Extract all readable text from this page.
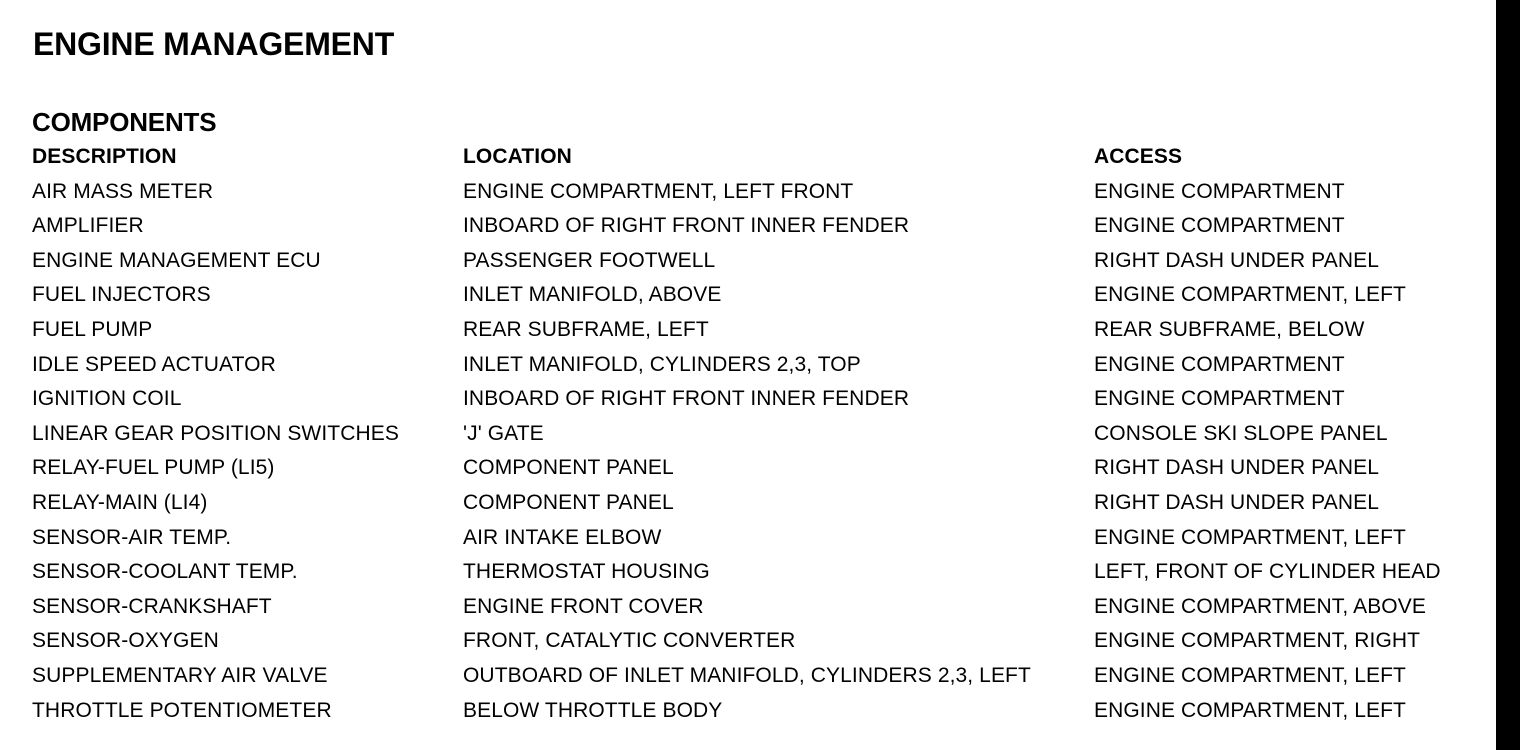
ENGINE MANAGEMENT
COMPONENTS
DESCRIPTION	LOCATION	ACCESS
AIR MASS METER	ENGINE COMPARTMENT, LEFT FRONT	ENGINE COMPARTMENT
AMPLIFIER	INBOARD OF RIGHT FRONT INNER FENDER	ENGINE COMPARTMENT
ENGINE MANAGEMENT ECU	PASSENGER FOOTWELL	RIGHT DASH UNDER PANEL
FUEL INJECTORS	INLET MANIFOLD, ABOVE	ENGINE COMPARTMENT, LEFT
FUEL PUMP	REAR SUBFRAME, LEFT	REAR SUBFRAME, BELOW
IDLE SPEED ACTUATOR	INLET MANIFOLD, CYLINDERS 2,3, TOP	ENGINE COMPARTMENT
IGNITION COIL	INBOARD OF RIGHT FRONT INNER FENDER	ENGINE COMPARTMENT
LINEAR GEAR POSITION SWITCHES	'J' GATE	CONSOLE SKI SLOPE PANEL
RELAY-FUEL PUMP (LI5)	COMPONENT PANEL	RIGHT DASH UNDER PANEL
RELAY-MAIN (LI4)	COMPONENT PANEL	RIGHT DASH UNDER PANEL
SENSOR-AIR TEMP.	AIR INTAKE ELBOW	ENGINE COMPARTMENT, LEFT
SENSOR-COOLANT TEMP.	THERMOSTAT HOUSING	LEFT, FRONT OF CYLINDER HEAD
SENSOR-CRANKSHAFT	ENGINE FRONT COVER	ENGINE COMPARTMENT, ABOVE
SENSOR-OXYGEN	FRONT, CATALYTIC CONVERTER	ENGINE COMPARTMENT, RIGHT
SUPPLEMENTARY AIR VALVE	OUTBOARD OF INLET MANIFOLD, CYLINDERS 2,3, LEFT	ENGINE COMPARTMENT, LEFT
THROTTLE POTENTIOMETER	BELOW THROTTLE BODY	ENGINE COMPARTMENT, LEFT
